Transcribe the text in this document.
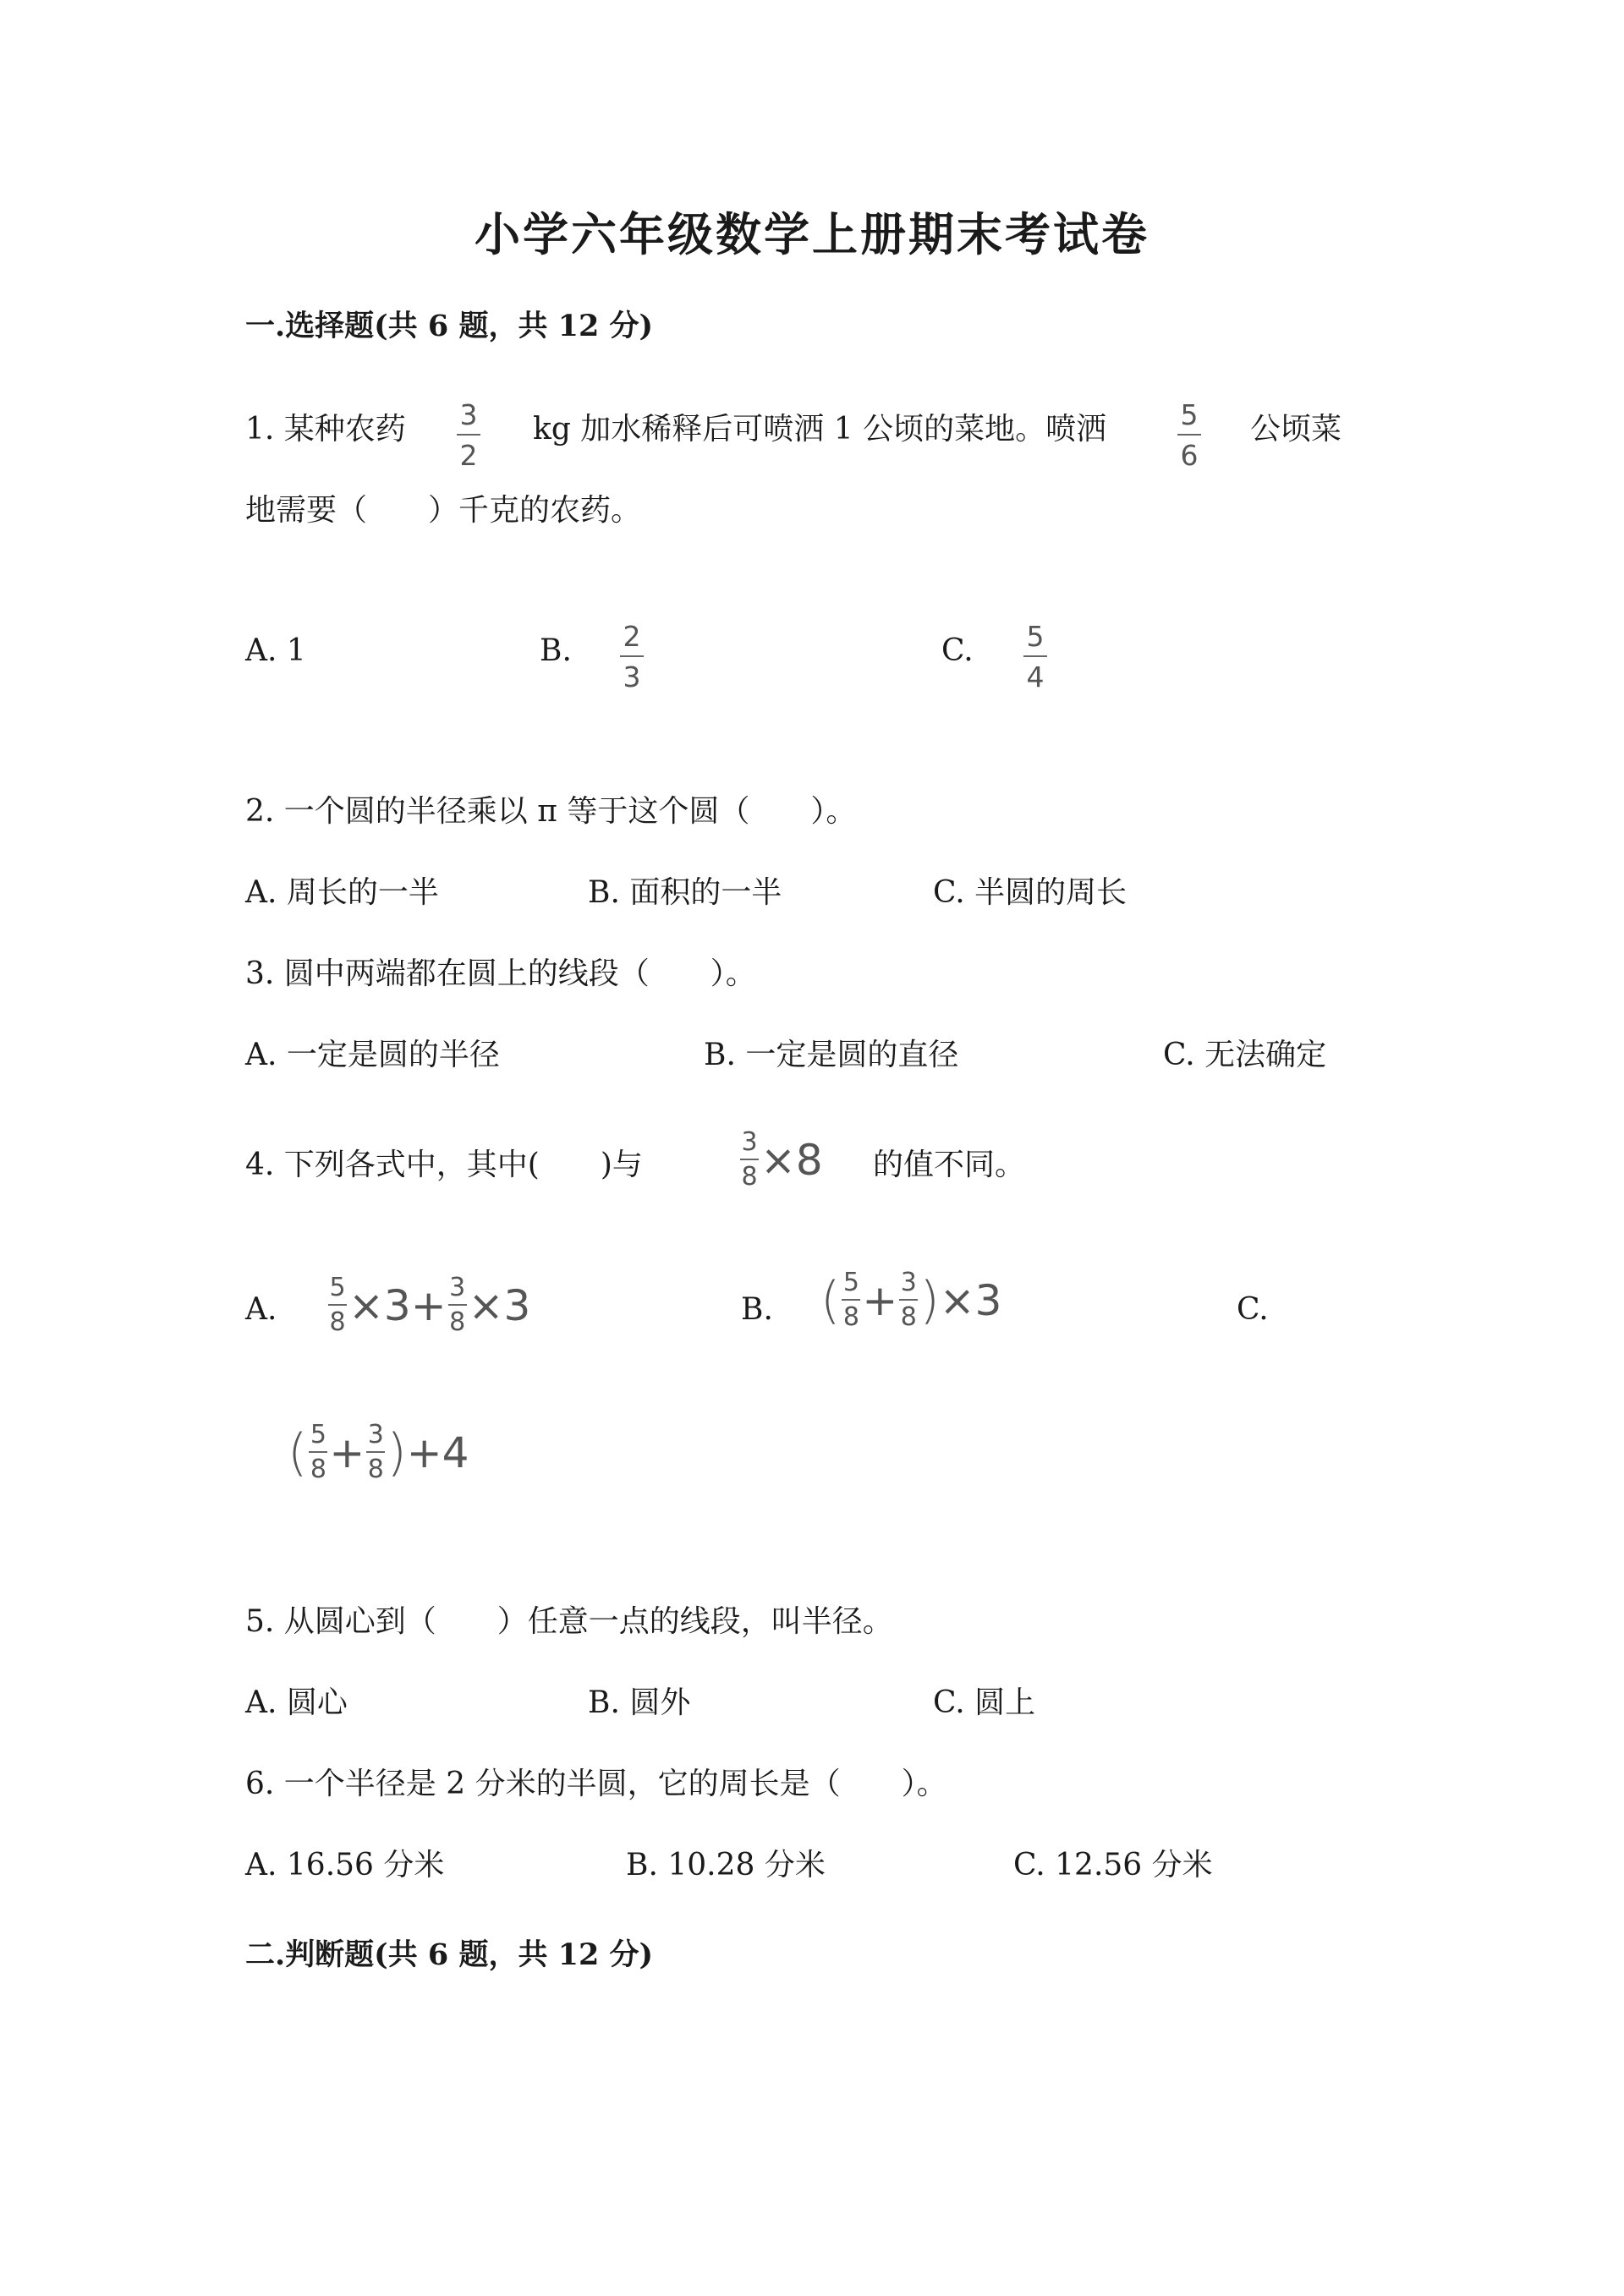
小学六年级数学上册期末考试卷
一.选择题(共 6 题，共 12 分)
1. 某种农药 3
2
kg 加水稀释后可喷洒 1 公顷的菜地。喷洒	5
6
公顷菜
地需要（　　）千克的农药。
A. 1	B. 2
3
C. 5
4
2. 一个圆的半径乘以 π 等于这个圆（　　）。
A. 周长的一半	B. 面积的一半	C. 半圆的周长
3. 圆中两端都在圆上的线段（　　）。
A. 一定是圆的半径	B. 一定是圆的直径	C. 无法确定
4. 下列各式中，其中(　　)与
3
8 ×8 的值不同。
A.
5
8 ×3+ 3
8 ×3	B. ( 5
8 + 3
8 ) ×3	C.
( 5
8 + 3
8 ) +4
5. 从圆心到（　　）任意一点的线段，叫半径。
A. 圆心	B. 圆外	C. 圆上
6. 一个半径是 2 分米的半圆，它的周长是（　　）。
A. 16.56 分米	B. 10.28 分米	C. 12.56 分米
二.判断题(共 6 题，共 12 分)
